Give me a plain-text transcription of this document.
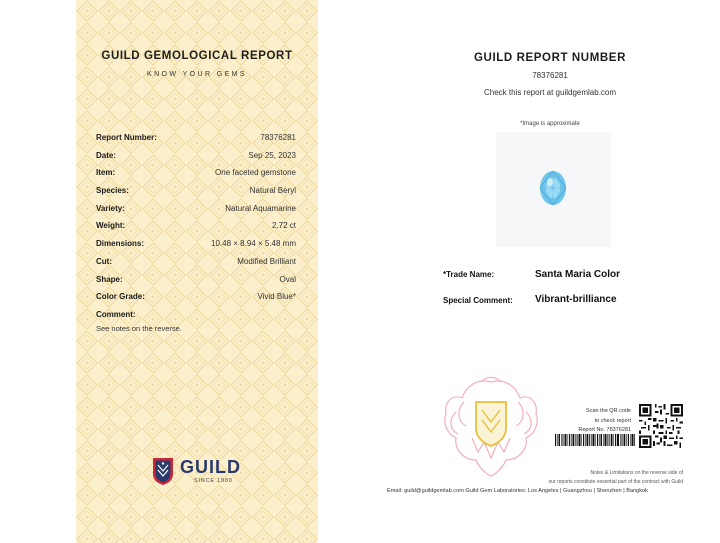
GUILD GEMOLOGICAL REPORT
KNOW YOUR GEMS
Report Number:	78376281
Date:	Sep 25, 2023
Item:	One faceted gemstone
Species:	Natural Beryl
Variety:	Natural Aquamarine
Weight:	2.72 ct
Dimensions:	10.48 × 8.94 × 5.48 mm
Cut:	Modified Brilliant
Shape:	Oval
Color Grade:	Vivid Blue*
Comment:
See notes on the reverse.
GUILD
SINCE 1980
GUILD REPORT NUMBER
78376281
Check this report at guildgemlab.com
*Image is approximate
*Trade Name:	Santa Maria Color
Special Comment: Vibrant-brilliance
Scan the QR code
to check report
Report No. 78376281
Notes & Limitations on the reverse side of
our reports constitute essential part of the contract with Guild
Email: guild@guildgemlab.com Guild Gem Laboratories: Los Angeles | Guangzhou | Shenzhen | Bangkok
